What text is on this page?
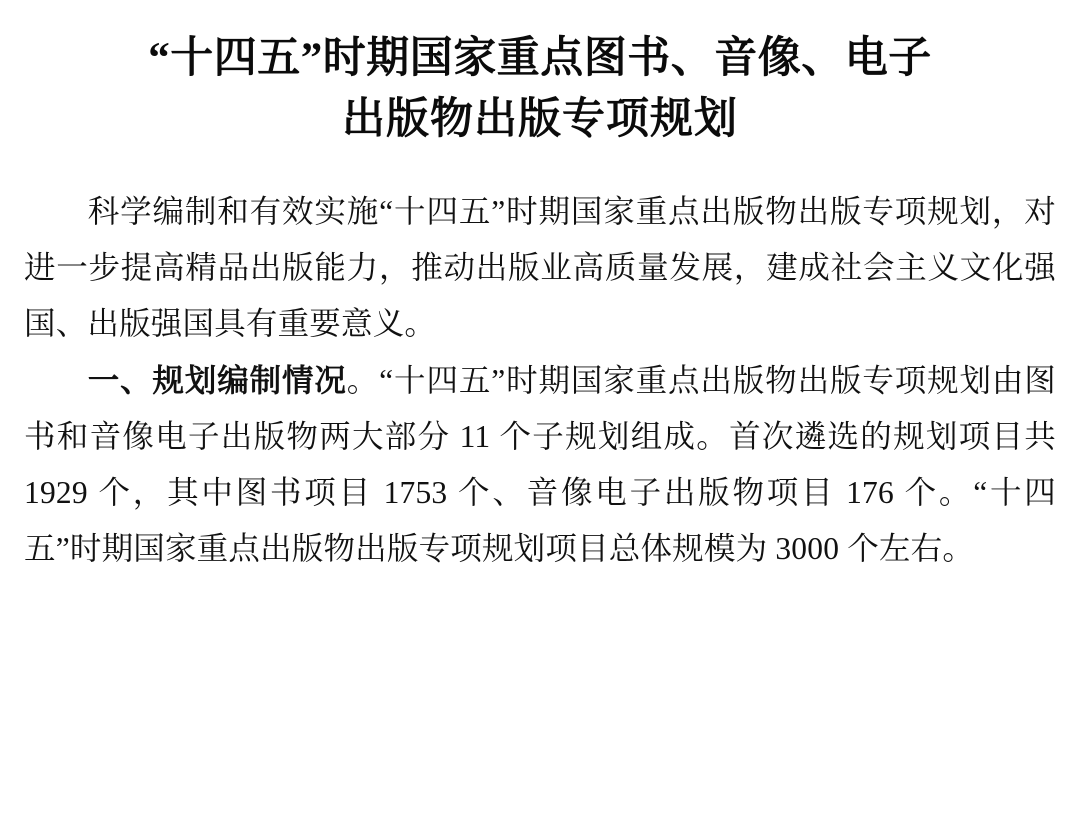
“十四五”时期国家重点图书、音像、电子
出版物出版专项规划

科学编制和有效实施“十四五”时期国家重点出版物出版专项规划，对进一步提高精品出版能力，推动出版业高质量发展，建成社会主义文化强国、出版强国具有重要意义。

一、规划编制情况。“十四五”时期国家重点出版物出版专项规划由图书和音像电子出版物两大部分 11 个子规划组成。首次遴选的规划项目共 1929 个，其中图书项目 1753 个、音像电子出版物项目 176 个。“十四五”时期国家重点出版物出版专项规划项目总体规模为 3000 个左右。
